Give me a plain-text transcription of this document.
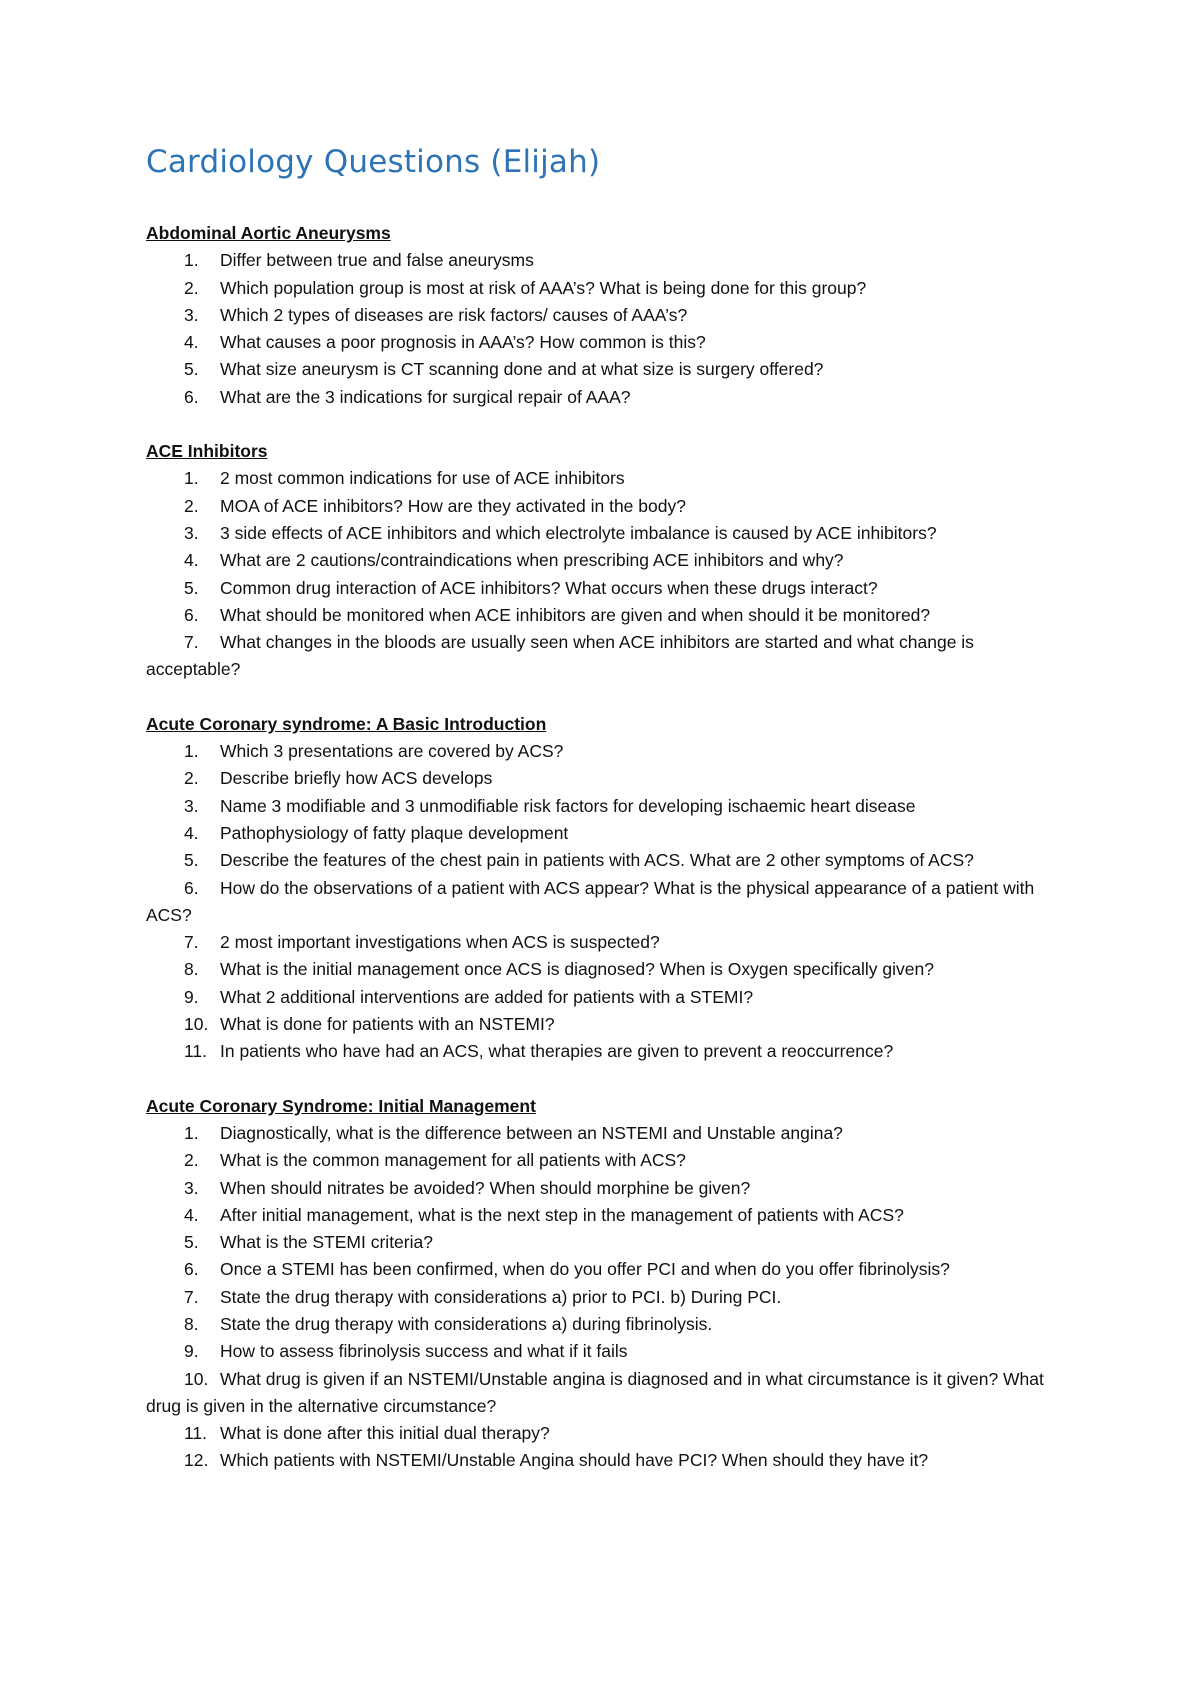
Cardiology Questions (Elijah)
Abdominal Aortic Aneurysms
1. Differ between true and false aneurysms
2. Which population group is most at risk of AAA’s? What is being done for this group?
3. Which 2 types of diseases are risk factors/ causes of AAA’s?
4. What causes a poor prognosis in AAA’s? How common is this?
5. What size aneurysm is CT scanning done and at what size is surgery offered?
6. What are the 3 indications for surgical repair of AAA?
ACE Inhibitors
1. 2 most common indications for use of ACE inhibitors
2. MOA of ACE inhibitors? How are they activated in the body?
3. 3 side effects of ACE inhibitors and which electrolyte imbalance is caused by ACE inhibitors?
4. What are 2 cautions/contraindications when prescribing ACE inhibitors and why?
5. Common drug interaction of ACE inhibitors? What occurs when these drugs interact?
6. What should be monitored when ACE inhibitors are given and when should it be monitored?
7. What changes in the bloods are usually seen when ACE inhibitors are started and what change is acceptable?
Acute Coronary syndrome: A Basic Introduction
1. Which 3 presentations are covered by ACS?
2. Describe briefly how ACS develops
3. Name 3 modifiable and 3 unmodifiable risk factors for developing ischaemic heart disease
4. Pathophysiology of fatty plaque development
5. Describe the features of the chest pain in patients with ACS. What are 2 other symptoms of ACS?
6. How do the observations of a patient with ACS appear? What is the physical appearance of a patient with ACS?
7. 2 most important investigations when ACS is suspected?
8. What is the initial management once ACS is diagnosed? When is Oxygen specifically given?
9. What 2 additional interventions are added for patients with a STEMI?
10. What is done for patients with an NSTEMI?
11. In patients who have had an ACS, what therapies are given to prevent a reoccurrence?
Acute Coronary Syndrome: Initial Management
1. Diagnostically, what is the difference between an NSTEMI and Unstable angina?
2. What is the common management for all patients with ACS?
3. When should nitrates be avoided? When should morphine be given?
4. After initial management, what is the next step in the management of patients with ACS?
5. What is the STEMI criteria?
6. Once a STEMI has been confirmed, when do you offer PCI and when do you offer fibrinolysis?
7. State the drug therapy with considerations a) prior to PCI. b) During PCI.
8. State the drug therapy with considerations a) during fibrinolysis.
9. How to assess fibrinolysis success and what if it fails
10. What drug is given if an NSTEMI/Unstable angina is diagnosed and in what circumstance is it given? What drug is given in the alternative circumstance?
11. What is done after this initial dual therapy?
12. Which patients with NSTEMI/Unstable Angina should have PCI? When should they have it?
